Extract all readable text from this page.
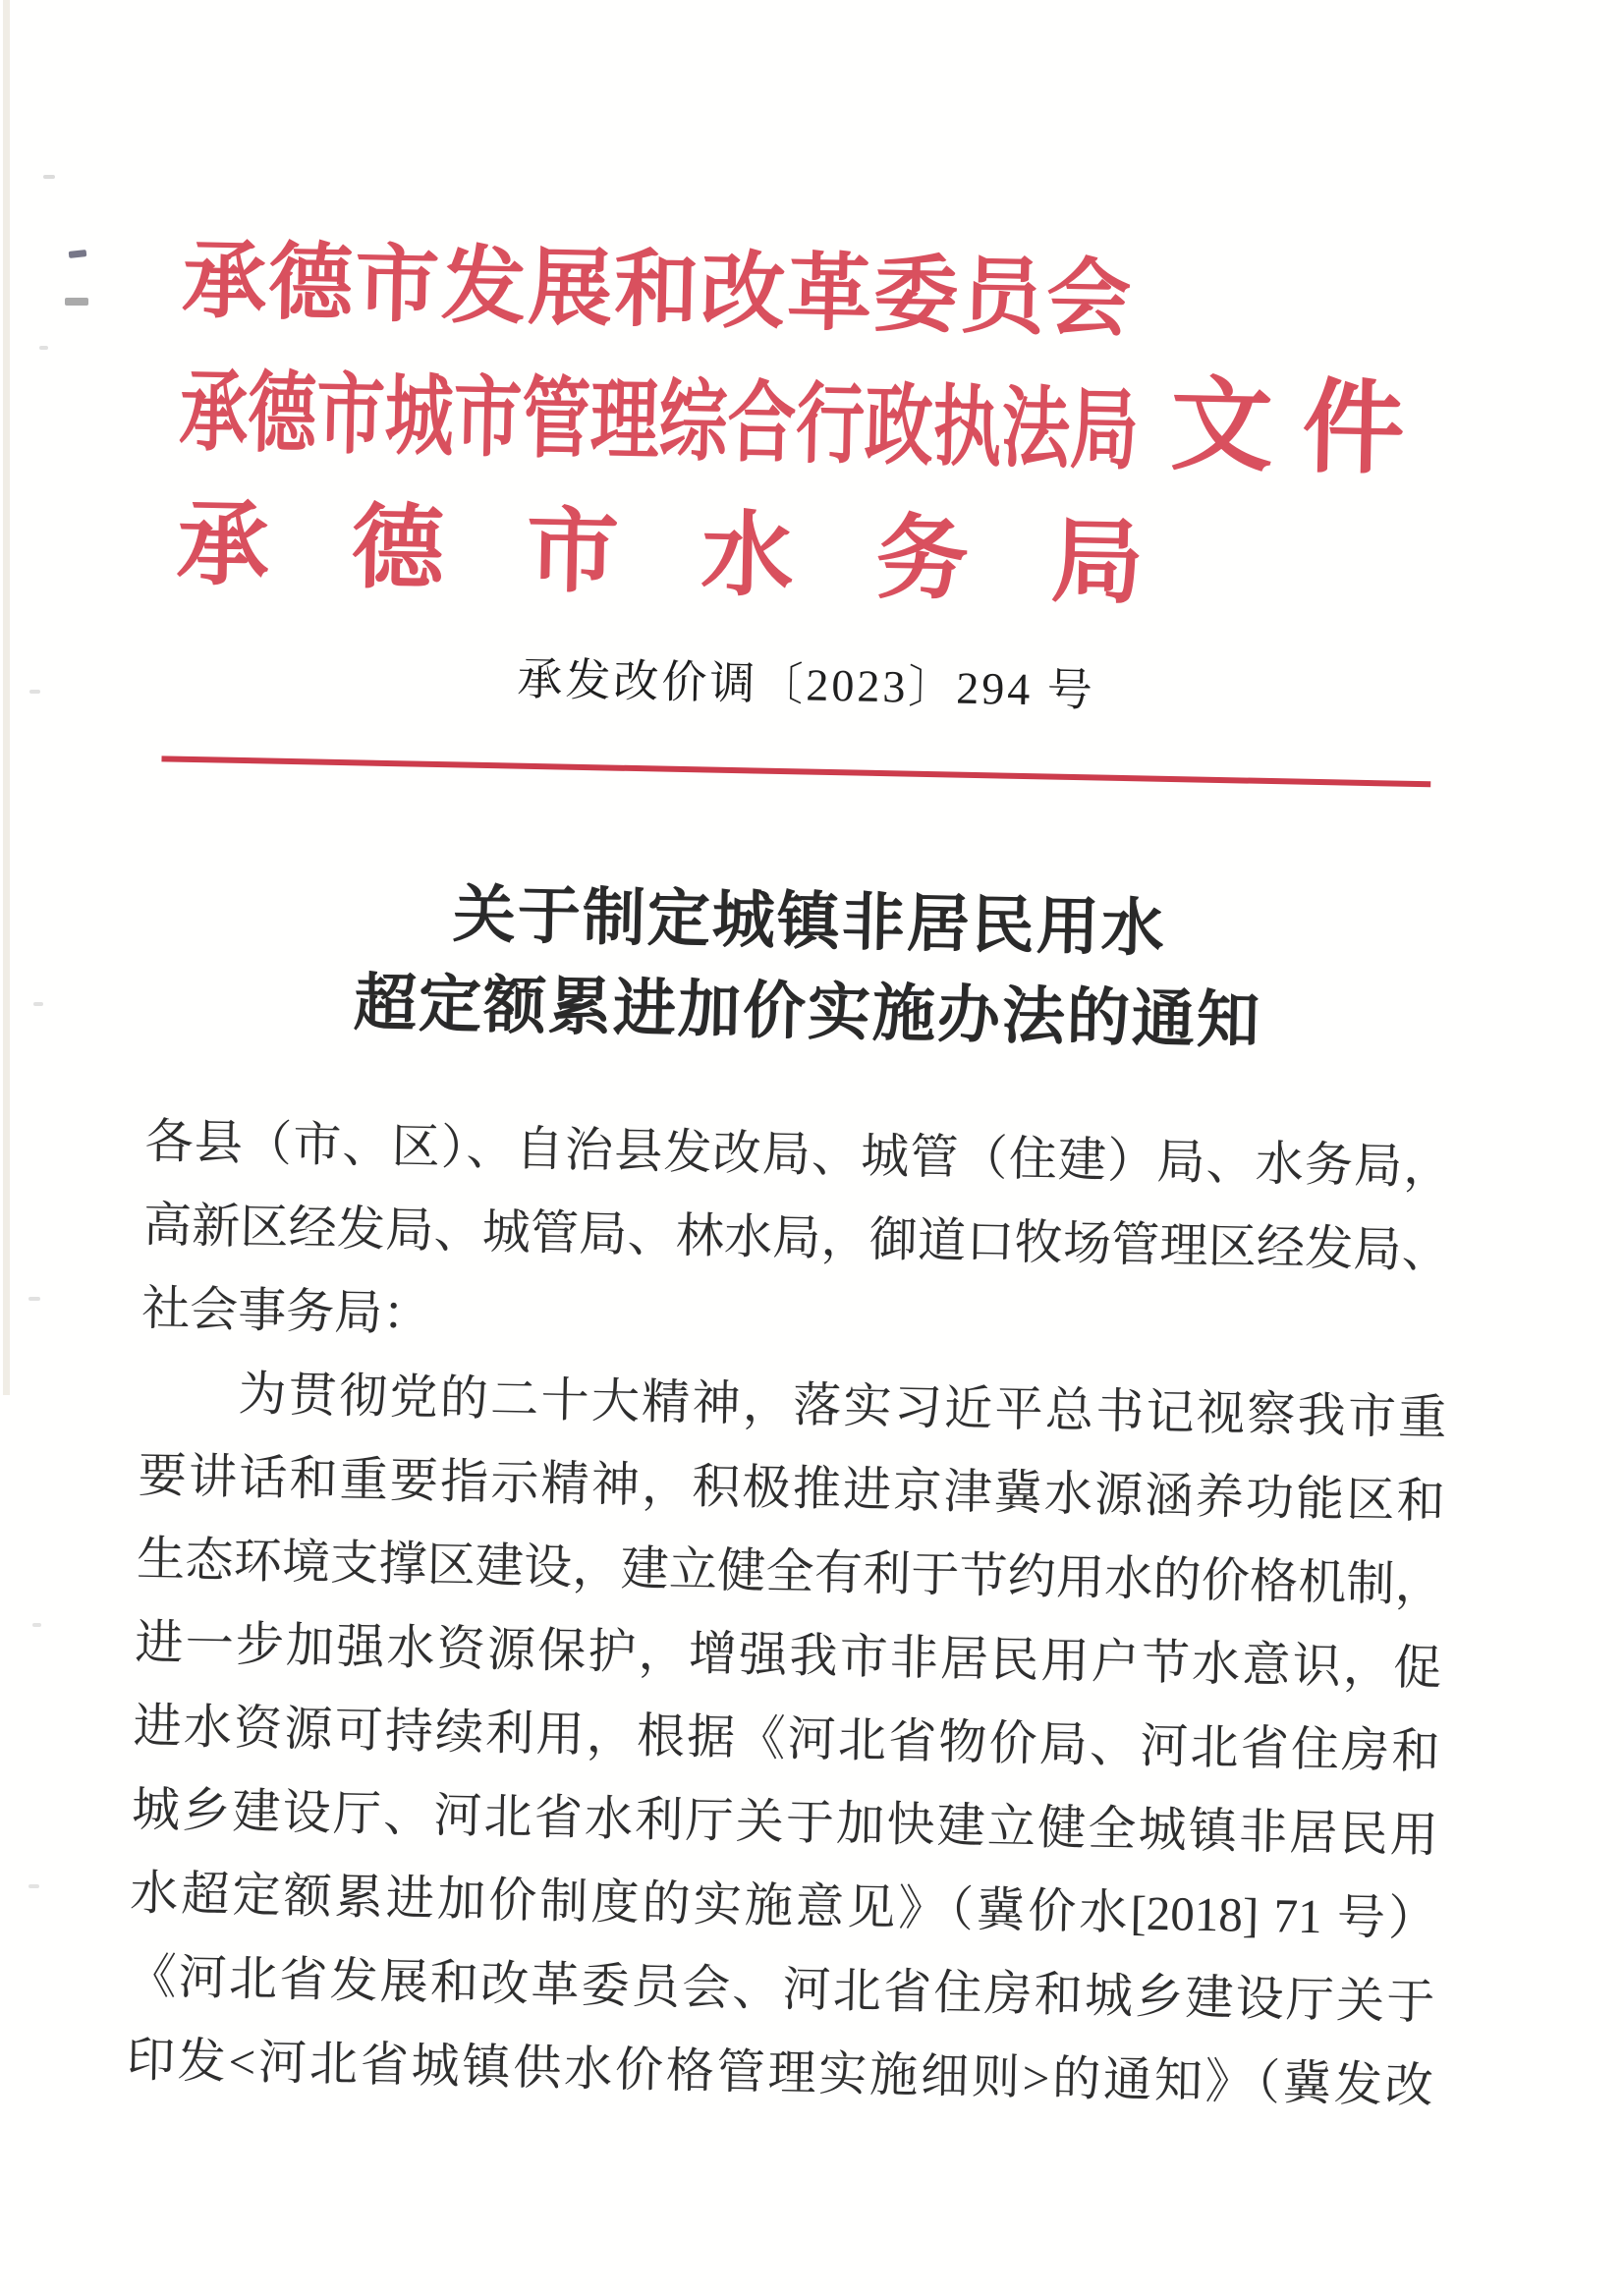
承德市发展和改革委员会
承德市城市管理综合行政执法局 文件
承德市水务局
承发改价调〔2023〕294 号
关于制定城镇非居民用水
超定额累进加价实施办法的通知
各县（市、区）、自治县发改局、城管（住建）局、水务局，
高新区经发局、城管局、林水局，御道口牧场管理区经发局、
社会事务局：
为贯彻党的二十大精神，落实习近平总书记视察我市重
要讲话和重要指示精神，积极推进京津冀水源涵养功能区和
生态环境支撑区建设，建立健全有利于节约用水的价格机制，
进一步加强水资源保护，增强我市非居民用户节水意识，促
进水资源可持续利用，根据《河北省物价局、河北省住房和
城乡建设厅、河北省水利厅关于加快建立健全城镇非居民用
水超定额累进加价制度的实施意见》（冀价水[2018] 71 号）
《河北省发展和改革委员会、河北省住房和城乡建设厅关于
印发<河北省城镇供水价格管理实施细则>的通知》（冀发改
